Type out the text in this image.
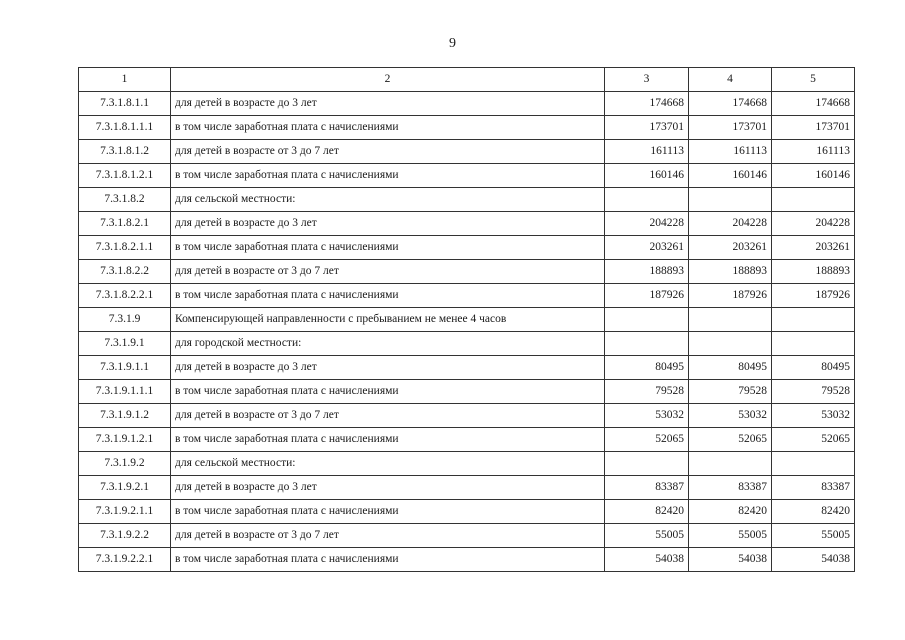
9
1	2	3	4	5
7.3.1.8.1.1	для детей в возрасте до 3 лет	174668	174668	174668
7.3.1.8.1.1.1	в том числе заработная плата с начислениями	173701	173701	173701
7.3.1.8.1.2	для детей в возрасте от 3 до 7 лет	161113	161113	161113
7.3.1.8.1.2.1	в том числе заработная плата с начислениями	160146	160146	160146
7.3.1.8.2	для сельской местности:			
7.3.1.8.2.1	для детей в возрасте до 3 лет	204228	204228	204228
7.3.1.8.2.1.1	в том числе заработная плата с начислениями	203261	203261	203261
7.3.1.8.2.2	для детей в возрасте от 3 до 7 лет	188893	188893	188893
7.3.1.8.2.2.1	в том числе заработная плата с начислениями	187926	187926	187926
7.3.1.9	Компенсирующей направленности с пребыванием не менее 4 часов			
7.3.1.9.1	для городской местности:			
7.3.1.9.1.1	для детей в возрасте до 3 лет	80495	80495	80495
7.3.1.9.1.1.1	в том числе заработная плата с начислениями	79528	79528	79528
7.3.1.9.1.2	для детей в возрасте от 3 до 7 лет	53032	53032	53032
7.3.1.9.1.2.1	в том числе заработная плата с начислениями	52065	52065	52065
7.3.1.9.2	для сельской местности:			
7.3.1.9.2.1	для детей в возрасте до 3 лет	83387	83387	83387
7.3.1.9.2.1.1	в том числе заработная плата с начислениями	82420	82420	82420
7.3.1.9.2.2	для детей в возрасте от 3 до 7 лет	55005	55005	55005
7.3.1.9.2.2.1	в том числе заработная плата с начислениями	54038	54038	54038
